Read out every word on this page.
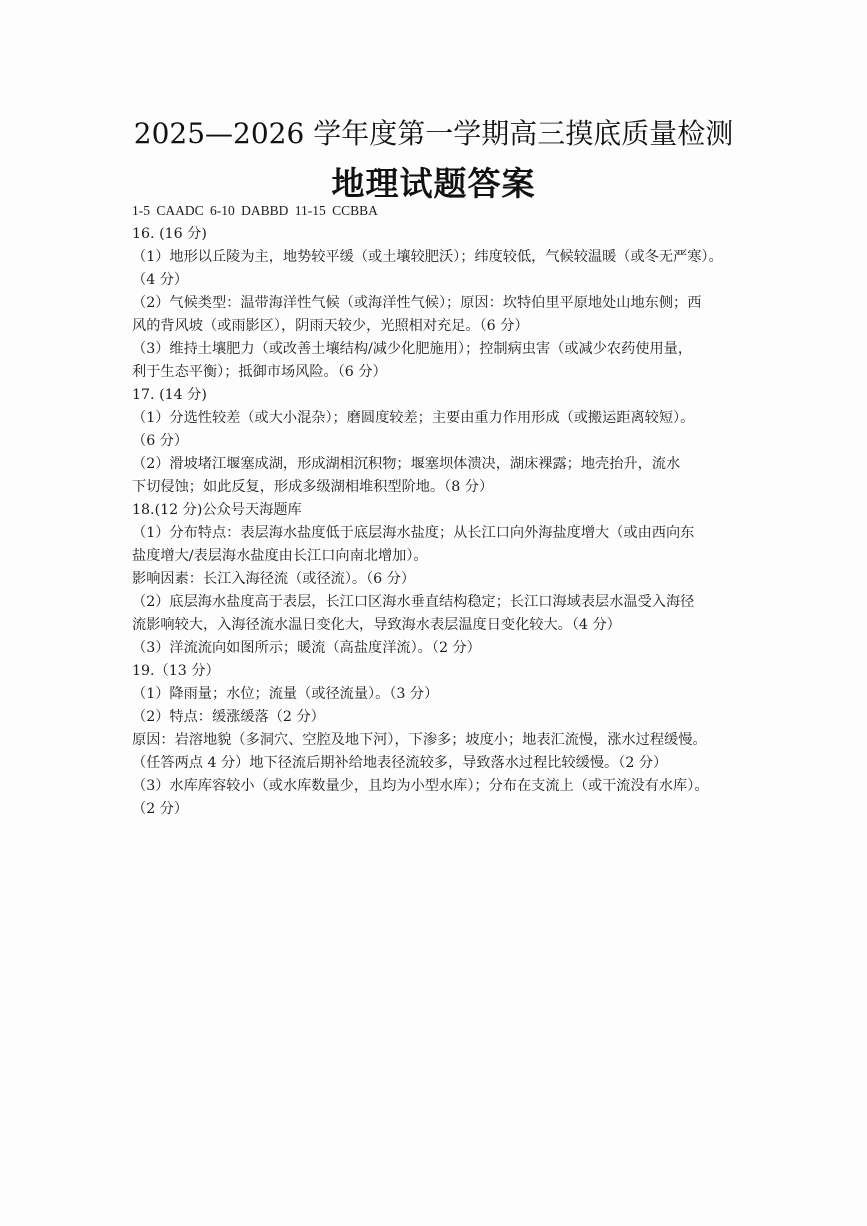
2025—2026 学年度第一学期高三摸底质量检测
地理试题答案
1-5 CAADC 6-10 DABBD 11-15 CCBBA
16. (16 分)
（1）地形以丘陵为主，地势较平缓（或土壤较肥沃）；纬度较低，气候较温暖（或冬无严寒）。
（4 分）
（2）气候类型：温带海洋性气候（或海洋性气候）；原因：坎特伯里平原地处山地东侧；西
风的背风坡（或雨影区），阴雨天较少，光照相对充足。（6 分）
（3）维持土壤肥力（或改善土壤结构/减少化肥施用）；控制病虫害（或减少农药使用量，
利于生态平衡）；抵御市场风险。（6 分）
17. (14 分)
（1）分选性较差（或大小混杂）；磨圆度较差；主要由重力作用形成（或搬运距离较短）。
（6 分）
（2）滑坡堵江堰塞成湖，形成湖相沉积物；堰塞坝体溃决，湖床裸露；地壳抬升，流水
下切侵蚀；如此反复，形成多级湖相堆积型阶地。（8 分）
18.(12 分)公众号天海题库
（1）分布特点：表层海水盐度低于底层海水盐度；从长江口向外海盐度增大（或由西向东
盐度增大/表层海水盐度由长江口向南北增加）。
影响因素：长江入海径流（或径流）。（6 分）
（2）底层海水盐度高于表层，长江口区海水垂直结构稳定；长江口海域表层水温受入海径
流影响较大，入海径流水温日变化大，导致海水表层温度日变化较大。（4 分）
（3）洋流流向如图所示；暖流（高盐度洋流）。（2 分）
19.（13 分）
（1）降雨量；水位；流量（或径流量）。（3 分）
（2）特点：缓涨缓落（2 分）
原因：岩溶地貌（多洞穴、空腔及地下河），下渗多；坡度小；地表汇流慢，涨水过程缓慢。
（任答两点 4 分）地下径流后期补给地表径流较多，导致落水过程比较缓慢。（2 分）
（3）水库库容较小（或水库数量少，且均为小型水库）；分布在支流上（或干流没有水库）。
（2 分）
